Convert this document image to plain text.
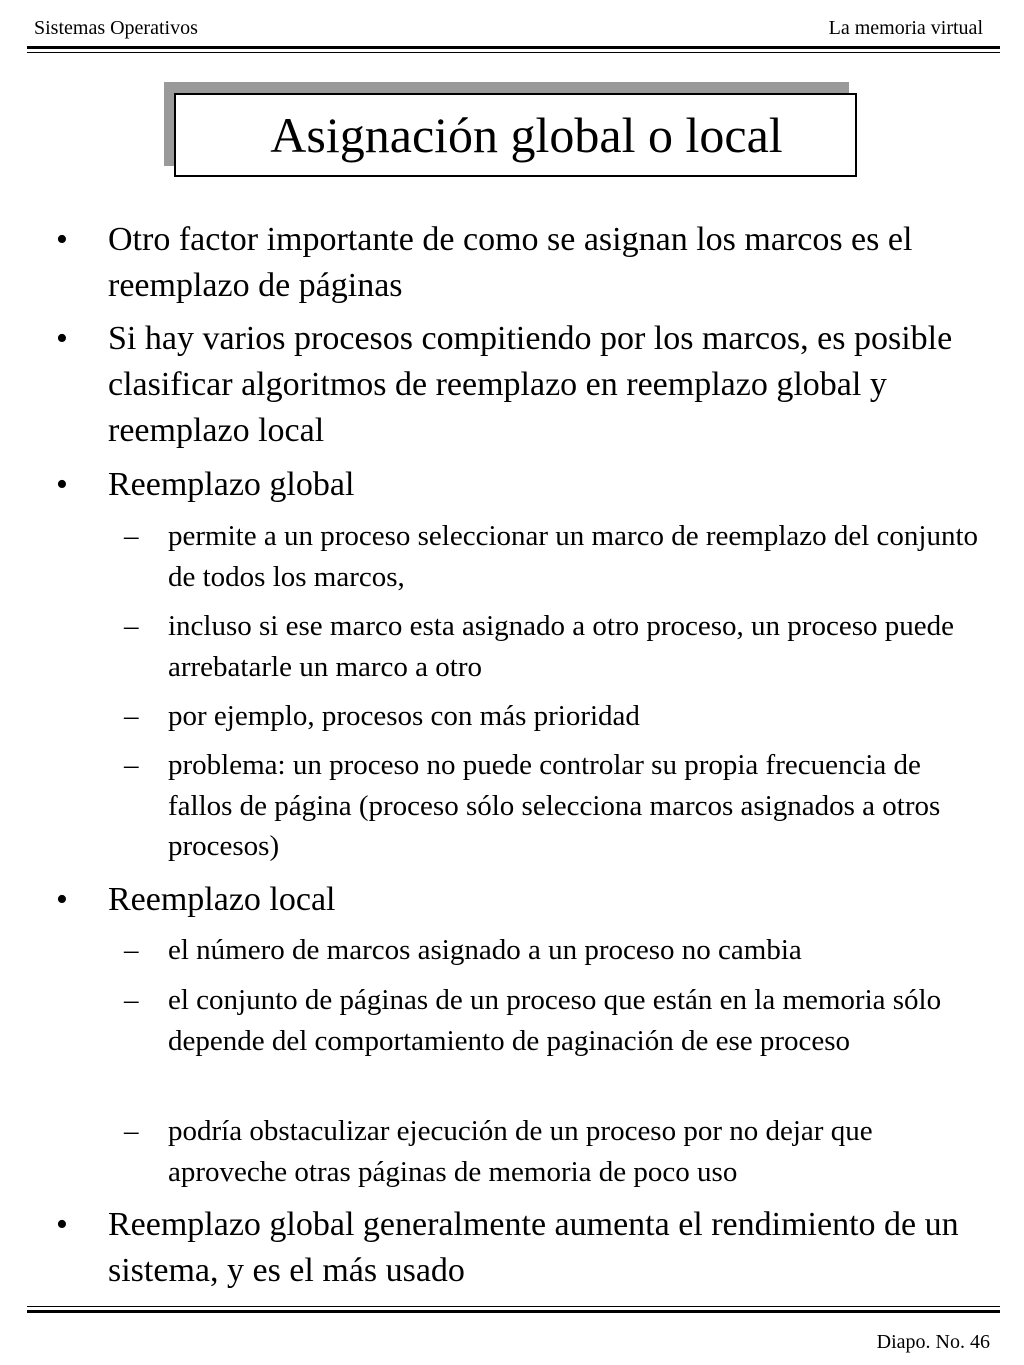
Sistemas Operativos	La memoria virtual
Asignación global o local
• Otro factor importante de como se asignan los marcos es el reemplazo de páginas
• Si hay varios procesos compitiendo por los marcos, es posible clasificar algoritmos de reemplazo en reemplazo global y reemplazo local
• Reemplazo global
– permite a un proceso seleccionar un marco de reemplazo del conjunto de todos los marcos,
– incluso si ese marco esta asignado a otro proceso, un proceso puede arrebatarle un marco a otro
– por ejemplo, procesos con más prioridad
– problema: un proceso no puede controlar su propia frecuencia de fallos de página (proceso sólo selecciona marcos asignados a otros procesos)
• Reemplazo local
– el número de marcos asignado a un proceso no cambia
– el conjunto de páginas de un proceso que están en la memoria sólo depende del comportamiento de paginación de ese proceso
– podría obstaculizar ejecución de un proceso por no dejar que aproveche otras páginas de memoria de poco uso
• Reemplazo global generalmente aumenta el rendimiento de un sistema, y es el más usado
Diapo. No. 46
